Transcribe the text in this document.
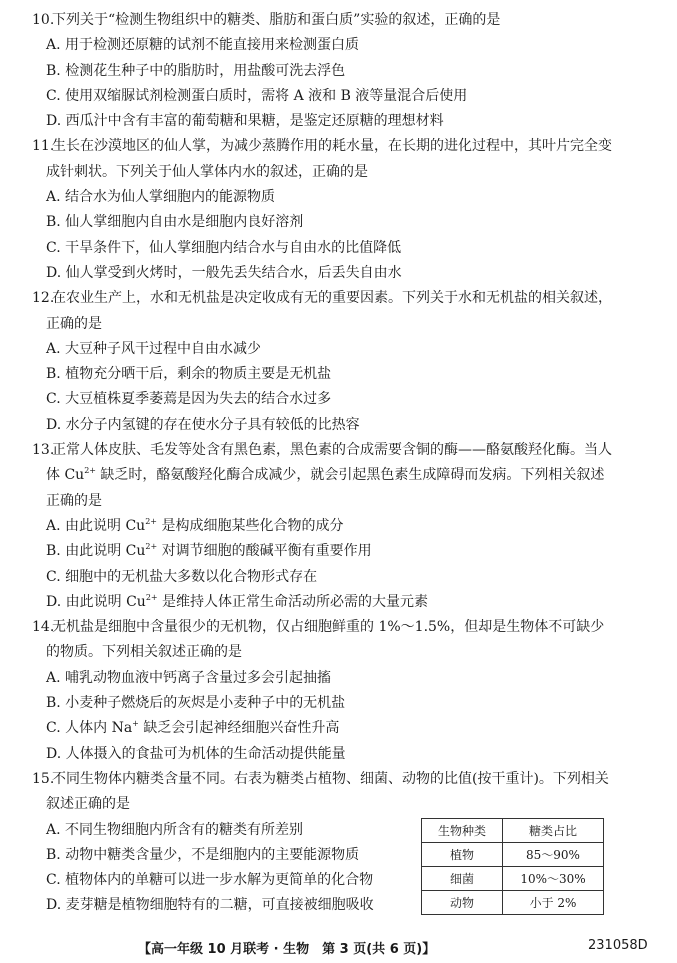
10.下列关于“检测生物组织中的糖类、脂肪和蛋白质”实验的叙述，正确的是
A. 用于检测还原糖的试剂不能直接用来检测蛋白质
B. 检测花生种子中的脂肪时，用盐酸可洗去浮色
C. 使用双缩脲试剂检测蛋白质时，需将 A 液和 B 液等量混合后使用
D. 西瓜汁中含有丰富的葡萄糖和果糖，是鉴定还原糖的理想材料
11.生长在沙漠地区的仙人掌，为减少蒸腾作用的耗水量，在长期的进化过程中，其叶片完全变
成针刺状。下列关于仙人掌体内水的叙述，正确的是
A. 结合水为仙人掌细胞内的能源物质
B. 仙人掌细胞内自由水是细胞内良好溶剂
C. 干旱条件下，仙人掌细胞内结合水与自由水的比值降低
D. 仙人掌受到火烤时，一般先丢失结合水，后丢失自由水
12.在农业生产上，水和无机盐是决定收成有无的重要因素。下列关于水和无机盐的相关叙述，
正确的是
A. 大豆种子风干过程中自由水减少
B. 植物充分晒干后，剩余的物质主要是无机盐
C. 大豆植株夏季萎蔫是因为失去的结合水过多
D. 水分子内氢键的存在使水分子具有较低的比热容
13.正常人体皮肤、毛发等处含有黑色素，黑色素的合成需要含铜的酶——酪氨酸羟化酶。当人
体 $Cu^{2+}$ 缺乏时，酪氨酸羟化酶合成减少，就会引起黑色素生成障碍而发病。下列相关叙述
正确的是
A. 由此说明 $Cu^{2+}$ 是构成细胞某些化合物的成分
B. 由此说明 $Cu^{2+}$ 对调节细胞的酸碱平衡有重要作用
C. 细胞中的无机盐大多数以化合物形式存在
D. 由此说明 $Cu^{2+}$ 是维持人体正常生命活动所必需的大量元素
14.无机盐是细胞中含量很少的无机物，仅占细胞鲜重的 1%～1.5%，但却是生物体不可缺少
的物质。下列相关叙述正确的是
A. 哺乳动物血液中钙离子含量过多会引起抽搐
B. 小麦种子燃烧后的灰烬是小麦种子中的无机盐
C. 人体内 Na+ 缺乏会引起神经细胞兴奋性升高
D. 人体摄入的食盐可为机体的生命活动提供能量
15.不同生物体内糖类含量不同。右表为糖类占植物、细菌、动物的比值(按干重计)。下列相关
叙述正确的是
A. 不同生物细胞内所含有的糖类有所差别
B. 动物中糖类含量少，不是细胞内的主要能源物质
C. 植物体内的单糖可以进一步水解为更简单的化合物
D. 麦芽糖是植物细胞特有的二糖，可直接被细胞吸收
生物种类	糖类占比
植物	85～90%
细菌	10%～30%
动物	小于 2%
【高一年级 10 月联考 · 生物　第 3 页(共 6 页)】	231058D
